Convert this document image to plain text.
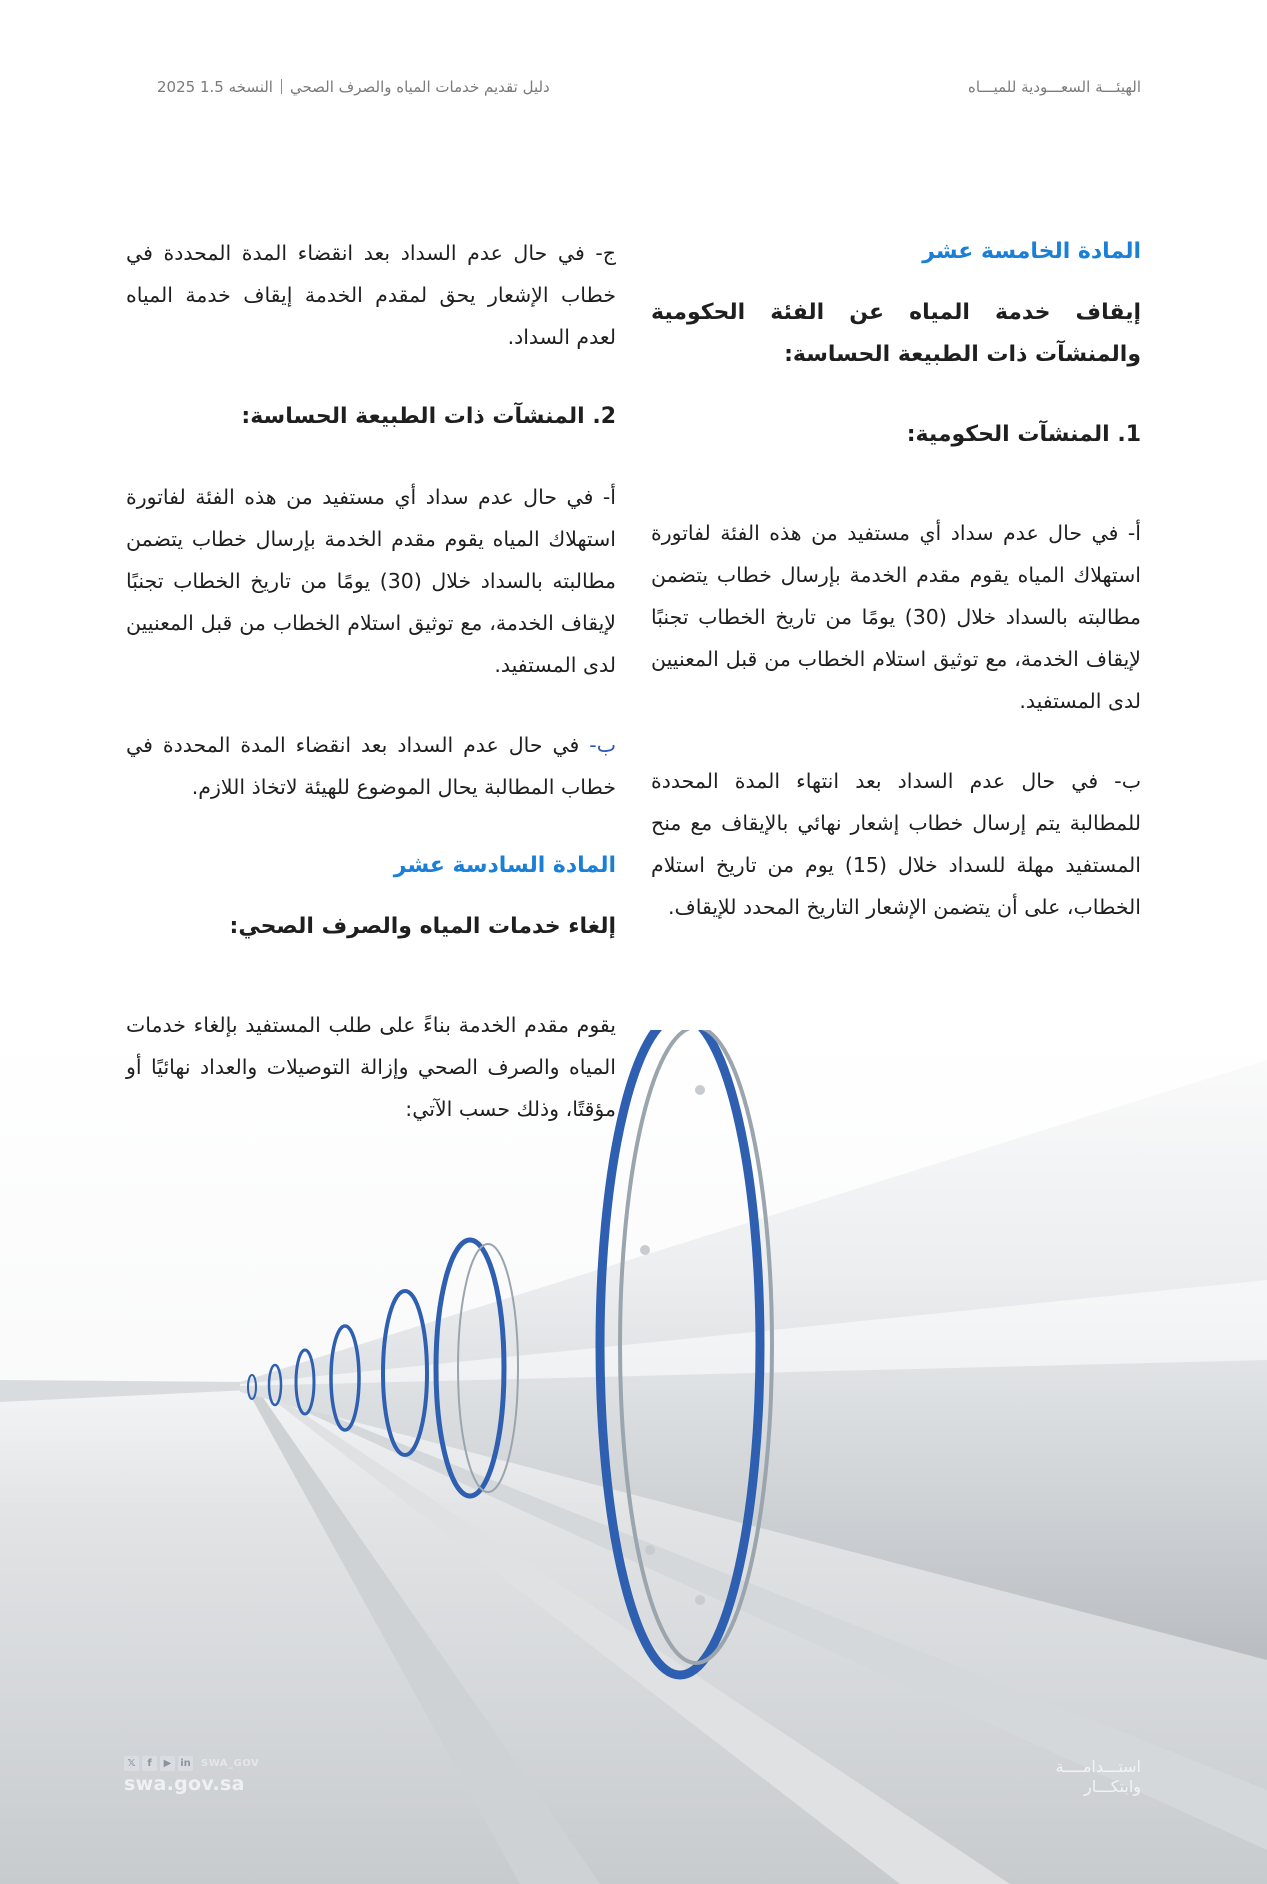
الهيئـــة السعـــودية للميـــاه
دليل تقديم خدمات المياه والصرف الصحيالنسخه 1.5 2025

المادة الخامسة عشر

إيقاف خدمة المياه عن الفئة الحكومية والمنشآت ذات الطبيعة الحساسة:

1. المنشآت الحكومية:

أ- في حال عدم سداد أي مستفيد من هذه الفئة لفاتورة استهلاك المياه يقوم مقدم الخدمة بإرسال خطاب يتضمن مطالبته بالسداد خلال (30) يومًا من تاريخ الخطاب تجنبًا لإيقاف الخدمة، مع توثيق استلام الخطاب من قبل المعنيين لدى المستفيد.

ب- في حال عدم السداد بعد انتهاء المدة المحددة للمطالبة يتم إرسال خطاب إشعار نهائي بالإيقاف مع منح المستفيد مهلة للسداد خلال (15) يوم من تاريخ استلام الخطاب، على أن يتضمن الإشعار التاريخ المحدد للإيقاف.

ج- في حال عدم السداد بعد انقضاء المدة المحددة في خطاب الإشعار يحق لمقدم الخدمة إيقاف خدمة المياه لعدم السداد.

2. المنشآت ذات الطبيعة الحساسة:

أ- في حال عدم سداد أي مستفيد من هذه الفئة لفاتورة استهلاك المياه يقوم مقدم الخدمة بإرسال خطاب يتضمن مطالبته بالسداد خلال (30) يومًا من تاريخ الخطاب تجنبًا لإيقاف الخدمة، مع توثيق استلام الخطاب من قبل المعنيين لدى المستفيد.

ب- في حال عدم السداد بعد انقضاء المدة المحددة في خطاب المطالبة يحال الموضوع للهيئة لاتخاذ اللازم.

المادة السادسة عشر

إلغاء خدمات المياه والصرف الصحي:

يقوم مقدم الخدمة بناءً على طلب المستفيد بإلغاء خدمات المياه والصرف الصحي وإزالة التوصيلات والعداد نهائيًا أو مؤقتًا، وذلك حسب الآتي:

𝕏	f	▶ in SWA_GOV
swa.gov.sa
استـــدامــــة
وابتكـــار
